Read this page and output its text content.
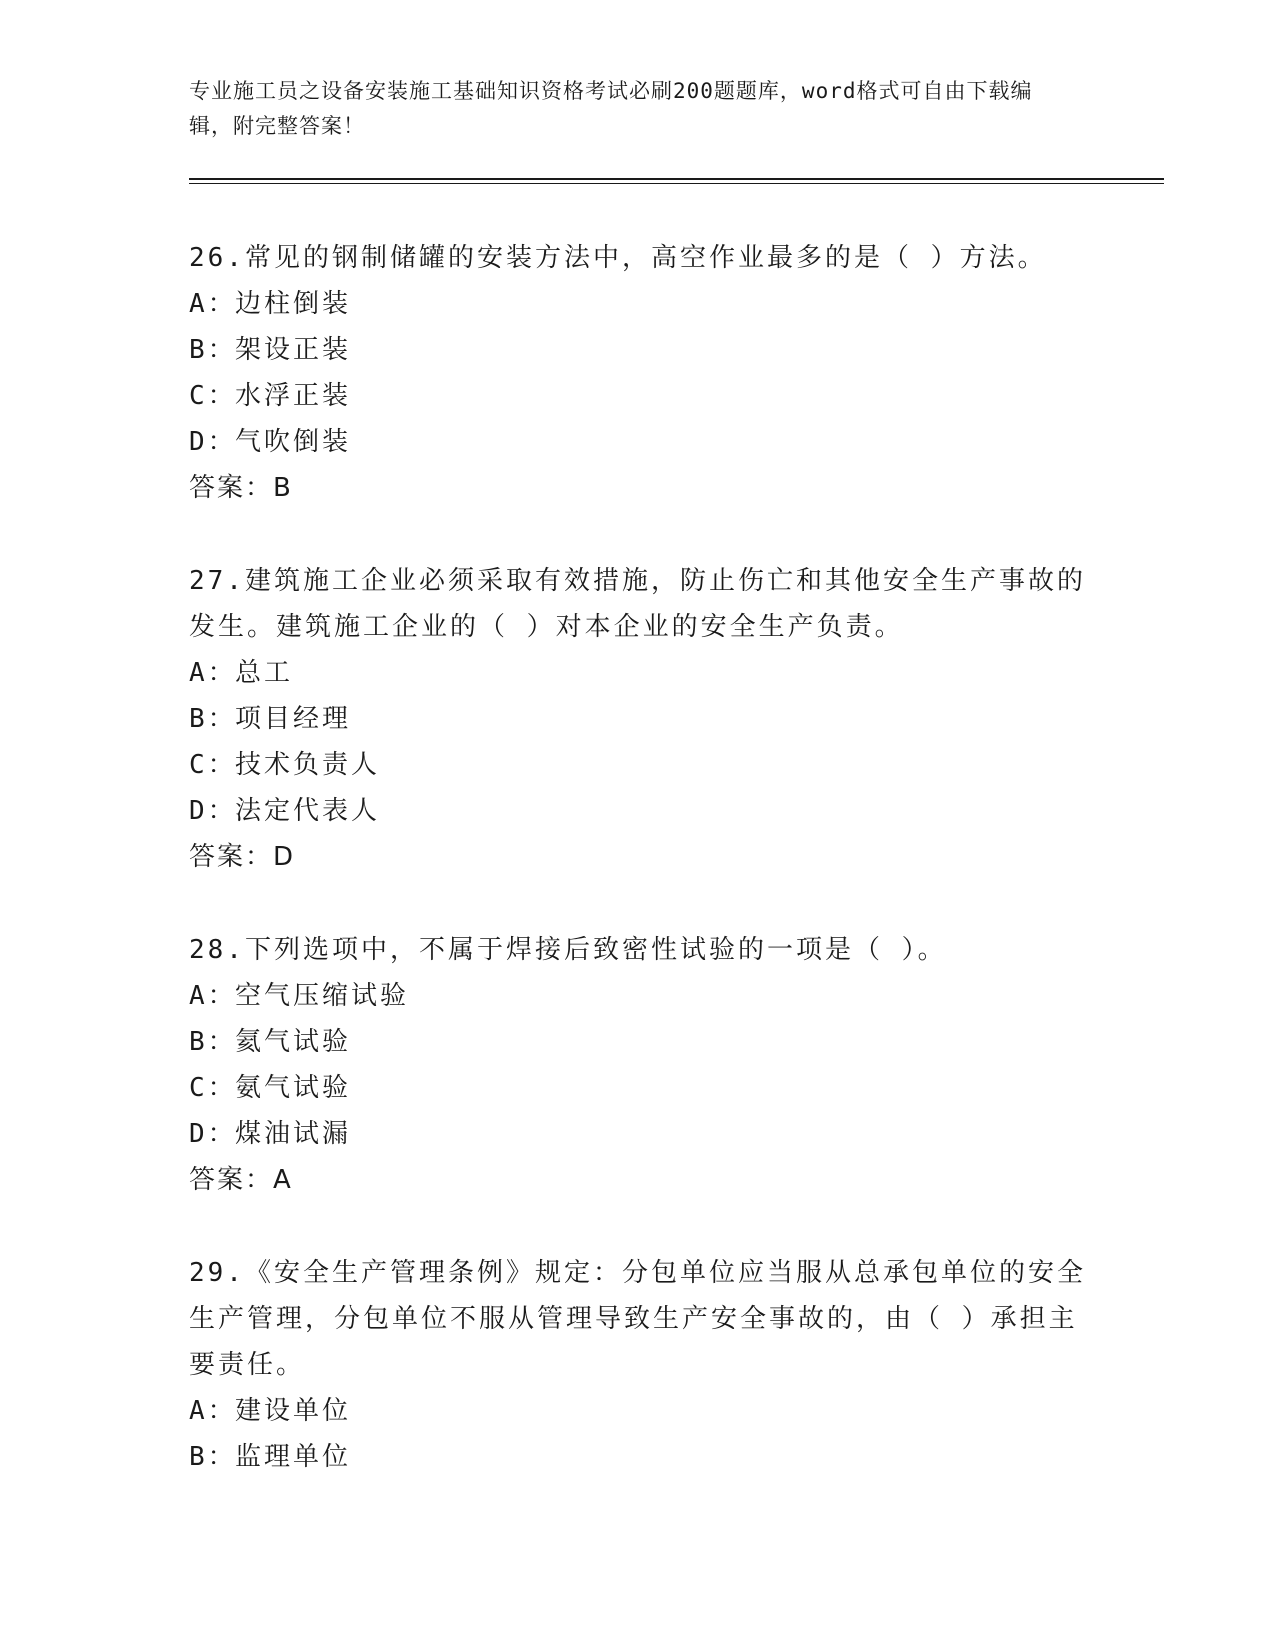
专业施工员之设备安装施工基础知识资格考试必刷200题题库，word格式可自由下载编辑，附完整答案！
26.常见的钢制储罐的安装方法中，高空作业最多的是（ ）方法。
A：边柱倒装
B：架设正装
C：水浮正装
D：气吹倒装
答案：B
27.建筑施工企业必须采取有效措施，防止伤亡和其他安全生产事故的发生。建筑施工企业的（ ）对本企业的安全生产负责。
A：总工
B：项目经理
C：技术负责人
D：法定代表人
答案：D
28.下列选项中，不属于焊接后致密性试验的一项是（ ）。
A：空气压缩试验
B：氦气试验
C：氨气试验
D：煤油试漏
答案：A
29.《安全生产管理条例》规定：分包单位应当服从总承包单位的安全生产管理，分包单位不服从管理导致生产安全事故的，由（ ）承担主要责任。
A：建设单位
B：监理单位
